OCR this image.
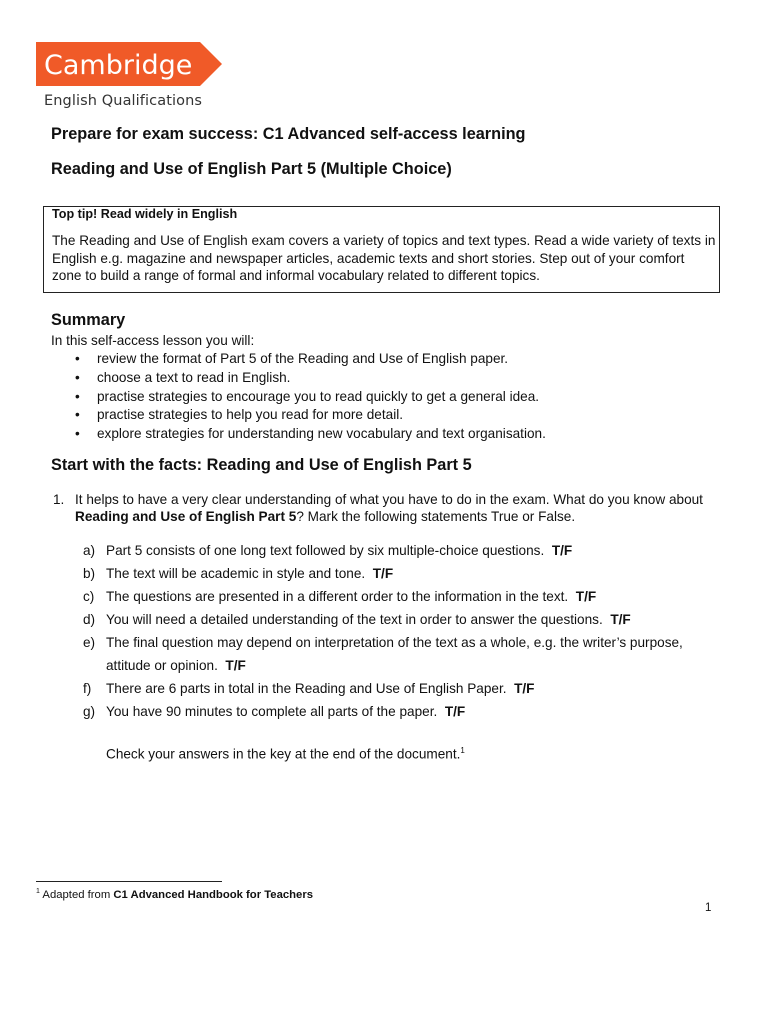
Cambridge
English Qualifications
Prepare for exam success: C1 Advanced self-access learning
Reading and Use of English Part 5 (Multiple Choice)
Top tip! Read widely in English
The Reading and Use of English exam covers a variety of topics and text types. Read a wide variety of texts in English e.g. magazine and newspaper articles, academic texts and short stories. Step out of your comfort zone to build a range of formal and informal vocabulary related to different topics.
Summary
In this self-access lesson you will:
• review the format of Part 5 of the Reading and Use of English paper.
• choose a text to read in English.
• practise strategies to encourage you to read quickly to get a general idea.
• practise strategies to help you read for more detail.
• explore strategies for understanding new vocabulary and text organisation.
Start with the facts: Reading and Use of English Part 5
1. It helps to have a very clear understanding of what you have to do in the exam. What do you know about Reading and Use of English Part 5? Mark the following statements True or False.
a) Part 5 consists of one long text followed by six multiple-choice questions. T/F
b) The text will be academic in style and tone. T/F
c) The questions are presented in a different order to the information in the text. T/F
d) You will need a detailed understanding of the text in order to answer the questions. T/F
e) The final question may depend on interpretation of the text as a whole, e.g. the writer’s purpose, attitude or opinion. T/F
f) There are 6 parts in total in the Reading and Use of English Paper. T/F
g) You have 90 minutes to complete all parts of the paper. T/F
Check your answers in the key at the end of the document.$^1$
$^1$ Adapted from C1 Advanced Handbook for Teachers
1
